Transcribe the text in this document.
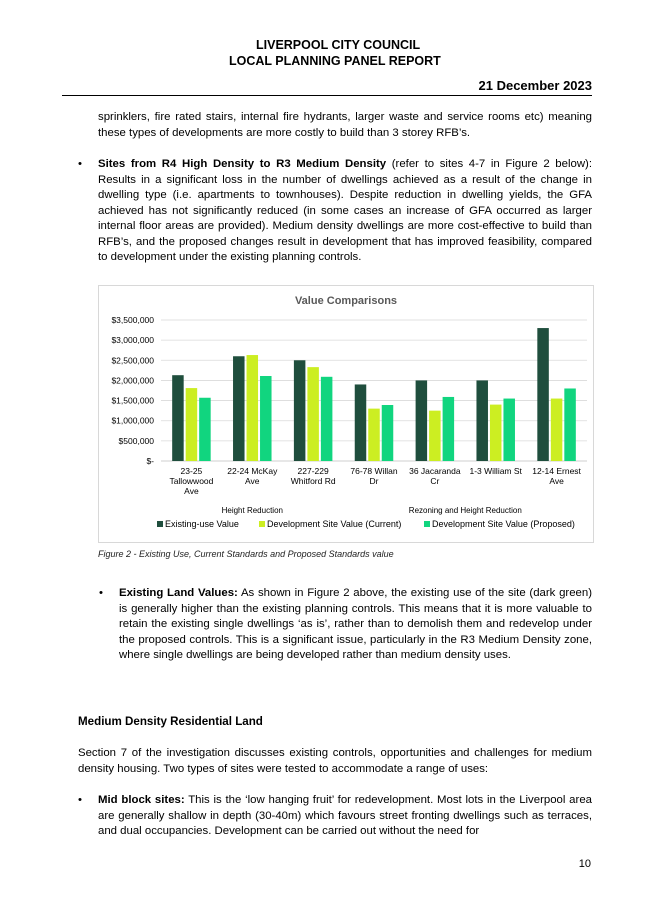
LIVERPOOL CITY COUNCIL
LOCAL PLANNING PANEL REPORT
21 December 2023
sprinklers, fire rated stairs, internal fire hydrants, larger waste and service rooms etc) meaning these types of developments are more costly to build than 3 storey RFB’s.
• Sites from R4 High Density to R3 Medium Density (refer to sites 4-7 in Figure 2 below): Results in a significant loss in the number of dwellings achieved as a result of the change in dwelling type (i.e. apartments to townhouses). Despite reduction in dwelling yields, the GFA achieved has not significantly reduced (in some cases an increase of GFA occurred as larger internal floor areas are provided). Medium density dwellings are more cost-effective to build than RFB’s, and the proposed changes result in development that has improved feasibility, compared to development under the existing planning controls.
Value Comparisons
$-
$500,000
$1,000,000
$1,500,000
$2,000,000
$2,500,000
$3,000,000
$3,500,000
23-25
Tallowwood
Ave
22-24 McKay
Ave
227-229
Whitford Rd
76-78 Willan
Dr
36 Jacaranda
Cr
1-3 William St 12-14 Ernest
Ave
Height Reduction	Rezoning and Height Reduction
Existing-use Value	Development Site Value (Current)	Development Site Value (Proposed)
Figure 2 - Existing Use, Current Standards and Proposed Standards value
• Existing Land Values: As shown in Figure 2 above, the existing use of the site (dark green) is generally higher than the existing planning controls. This means that it is more valuable to retain the existing single dwellings ‘as is’, rather than to demolish them and redevelop under the proposed controls. This is a significant issue, particularly in the R3 Medium Density zone, where single dwellings are being developed rather than medium density uses.
Medium Density Residential Land
Section 7 of the investigation discusses existing controls, opportunities and challenges for medium density housing. Two types of sites were tested to accommodate a range of uses:
• Mid block sites: This is the ‘low hanging fruit’ for redevelopment. Most lots in the Liverpool area are generally shallow in depth (30-40m) which favours street fronting dwellings such as terraces, and dual occupancies. Development can be carried out without the need for
10
